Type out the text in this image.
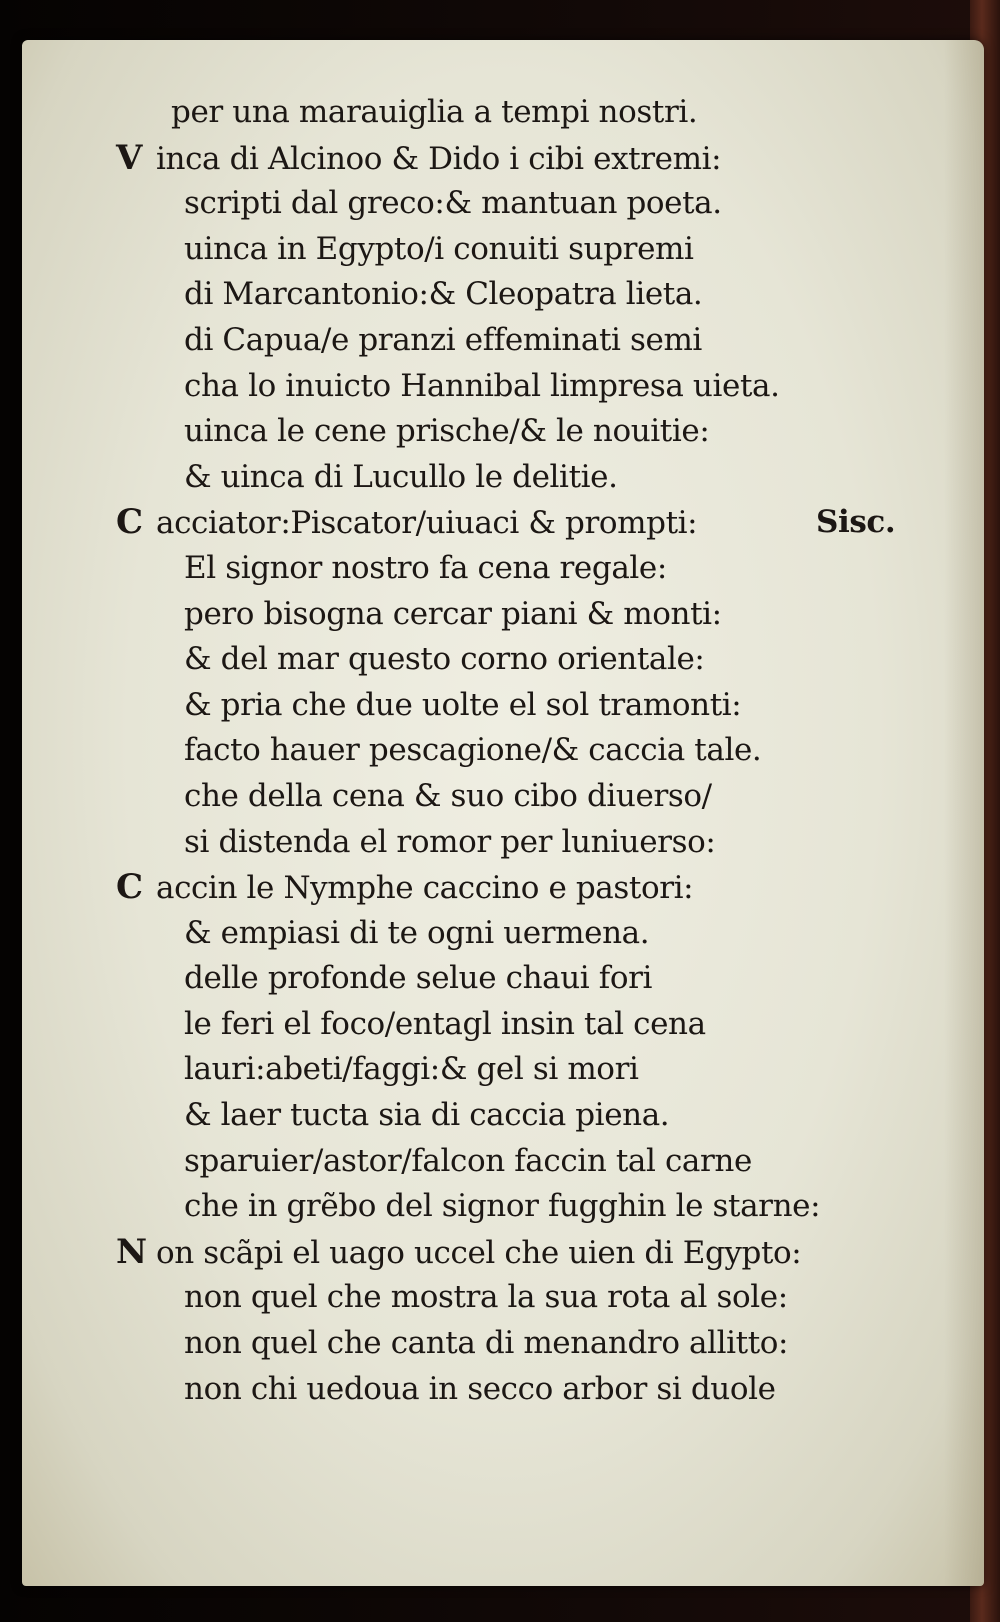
per una marauiglia a tempi nostri.
V inca di Alcinoo & Dido i cibi extremi:
scripti dal greco:& mantuan poeta.
uinca in Egypto/i conuiti supremi
di Marcantonio:& Cleopatra lieta.
di Capua/e pranzi effeminati semi
cha lo inuicto Hannibal limpresa uieta.
uinca le cene prische/& le nouitie:
& uinca di Lucullo le delitie.
C acciator:Piscator/uiuaci & prompti:	Sisc.
El signor nostro fa cena regale:
pero bisogna cercar piani & monti:
& del mar questo corno orientale:
& pria che due uolte el sol tramonti:
facto hauer pescagione/& caccia tale.
che della cena & suo cibo diuerso/
si distenda el romor per luniuerso:
C accin le Nymphe caccino e pastori:
& empiasi di te ogni uermena.
delle profonde selue chaui fori
le feri el foco/entagl insin tal cena
lauri:abeti/faggi:& gel si mori
& laer tucta sia di caccia piena.
sparuier/astor/falcon faccin tal carne
che in grẽbo del signor fugghin le starne:
N on scãpi el uago uccel che uien di Egypto:
non quel che mostra la sua rota al sole:
non quel che canta di menandro allitto:
non chi uedoua in secco arbor si duole
